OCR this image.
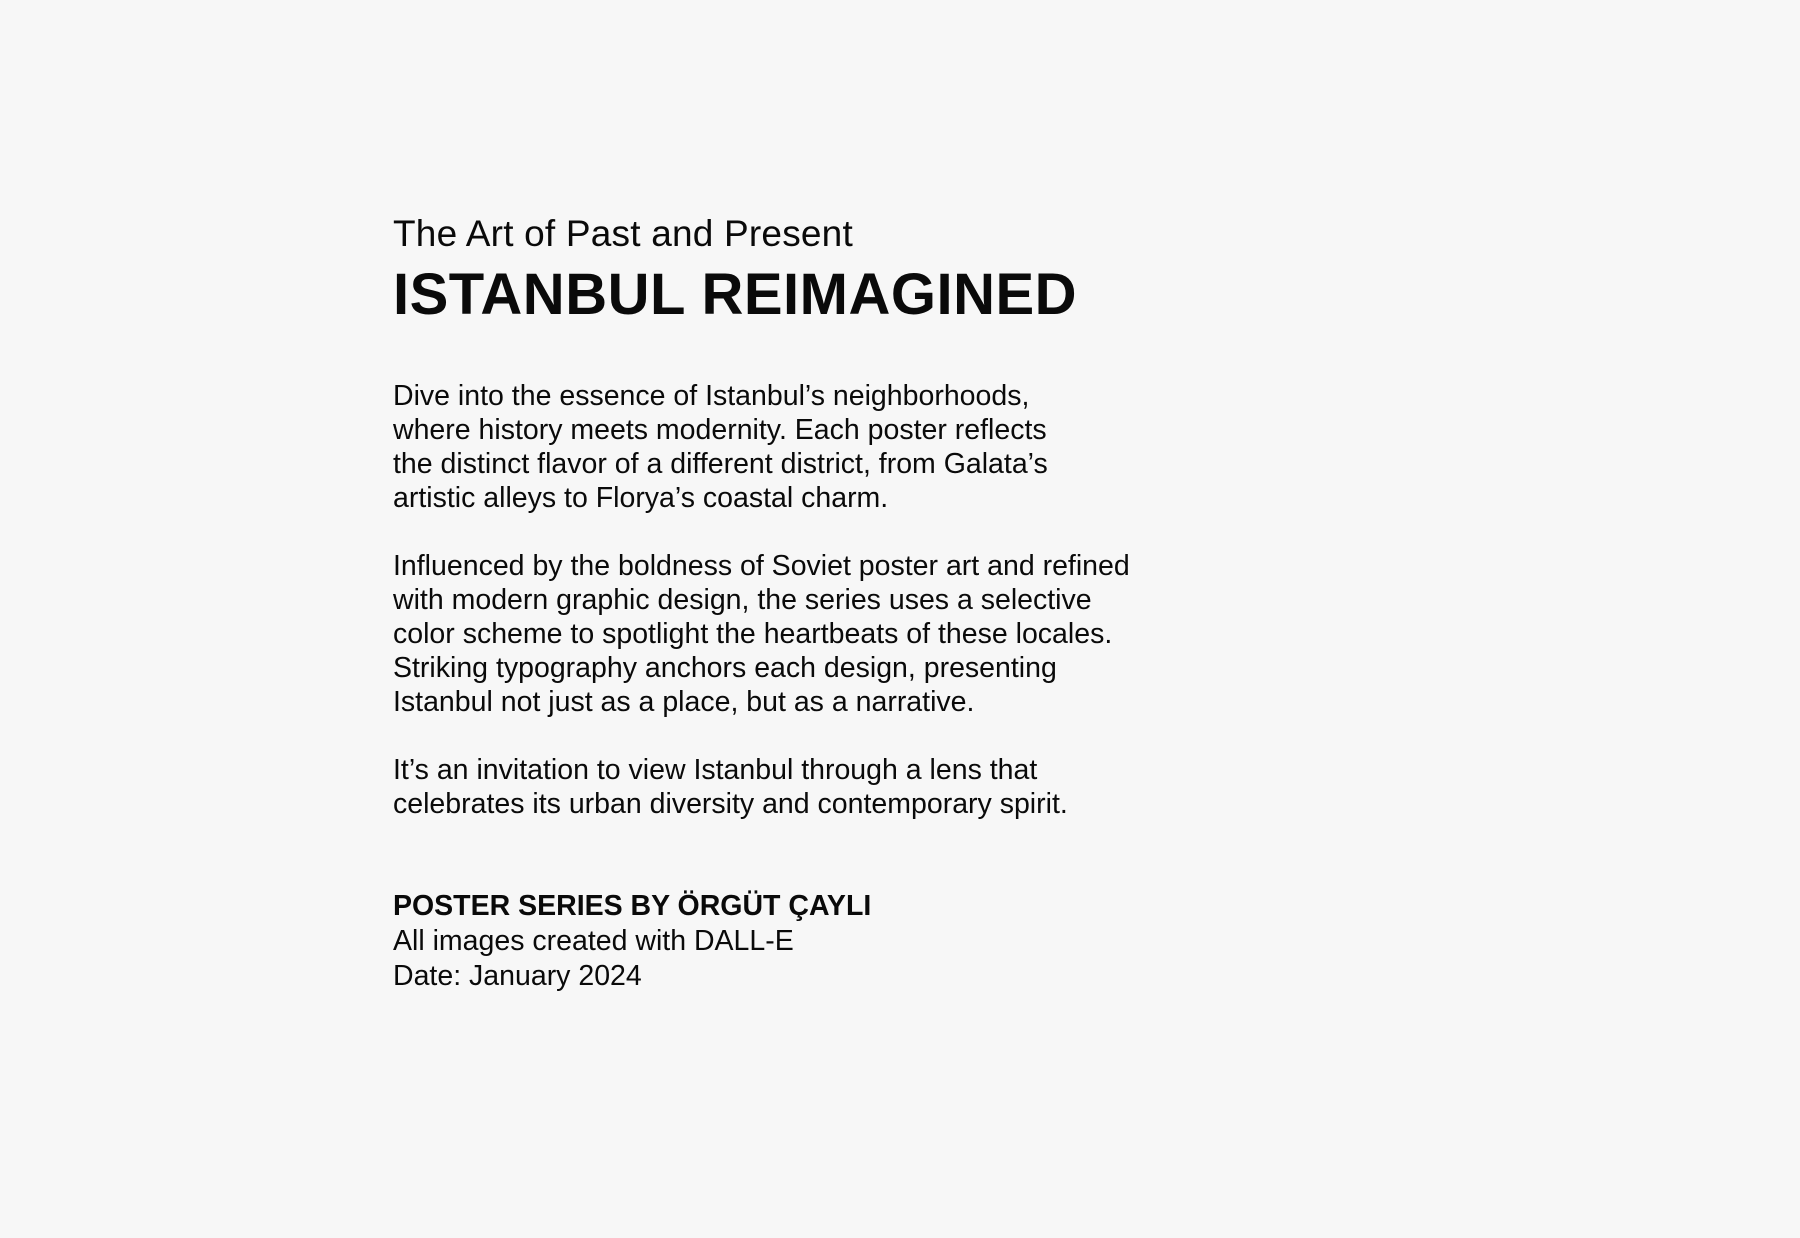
The Art of Past and Present
ISTANBUL REIMAGINED

Dive into the essence of Istanbul’s neighborhoods,
where history meets modernity. Each poster reflects
the distinct flavor of a different district, from Galata’s
artistic alleys to Florya’s coastal charm.

Influenced by the boldness of Soviet poster art and refined
with modern graphic design, the series uses a selective
color scheme to spotlight the heartbeats of these locales.
Striking typography anchors each design, presenting
Istanbul not just as a place, but as a narrative.

It’s an invitation to view Istanbul through a lens that
celebrates its urban diversity and contemporary spirit.

POSTER SERIES BY ÖRGÜT ÇAYLI
All images created with DALL-E
Date: January 2024
